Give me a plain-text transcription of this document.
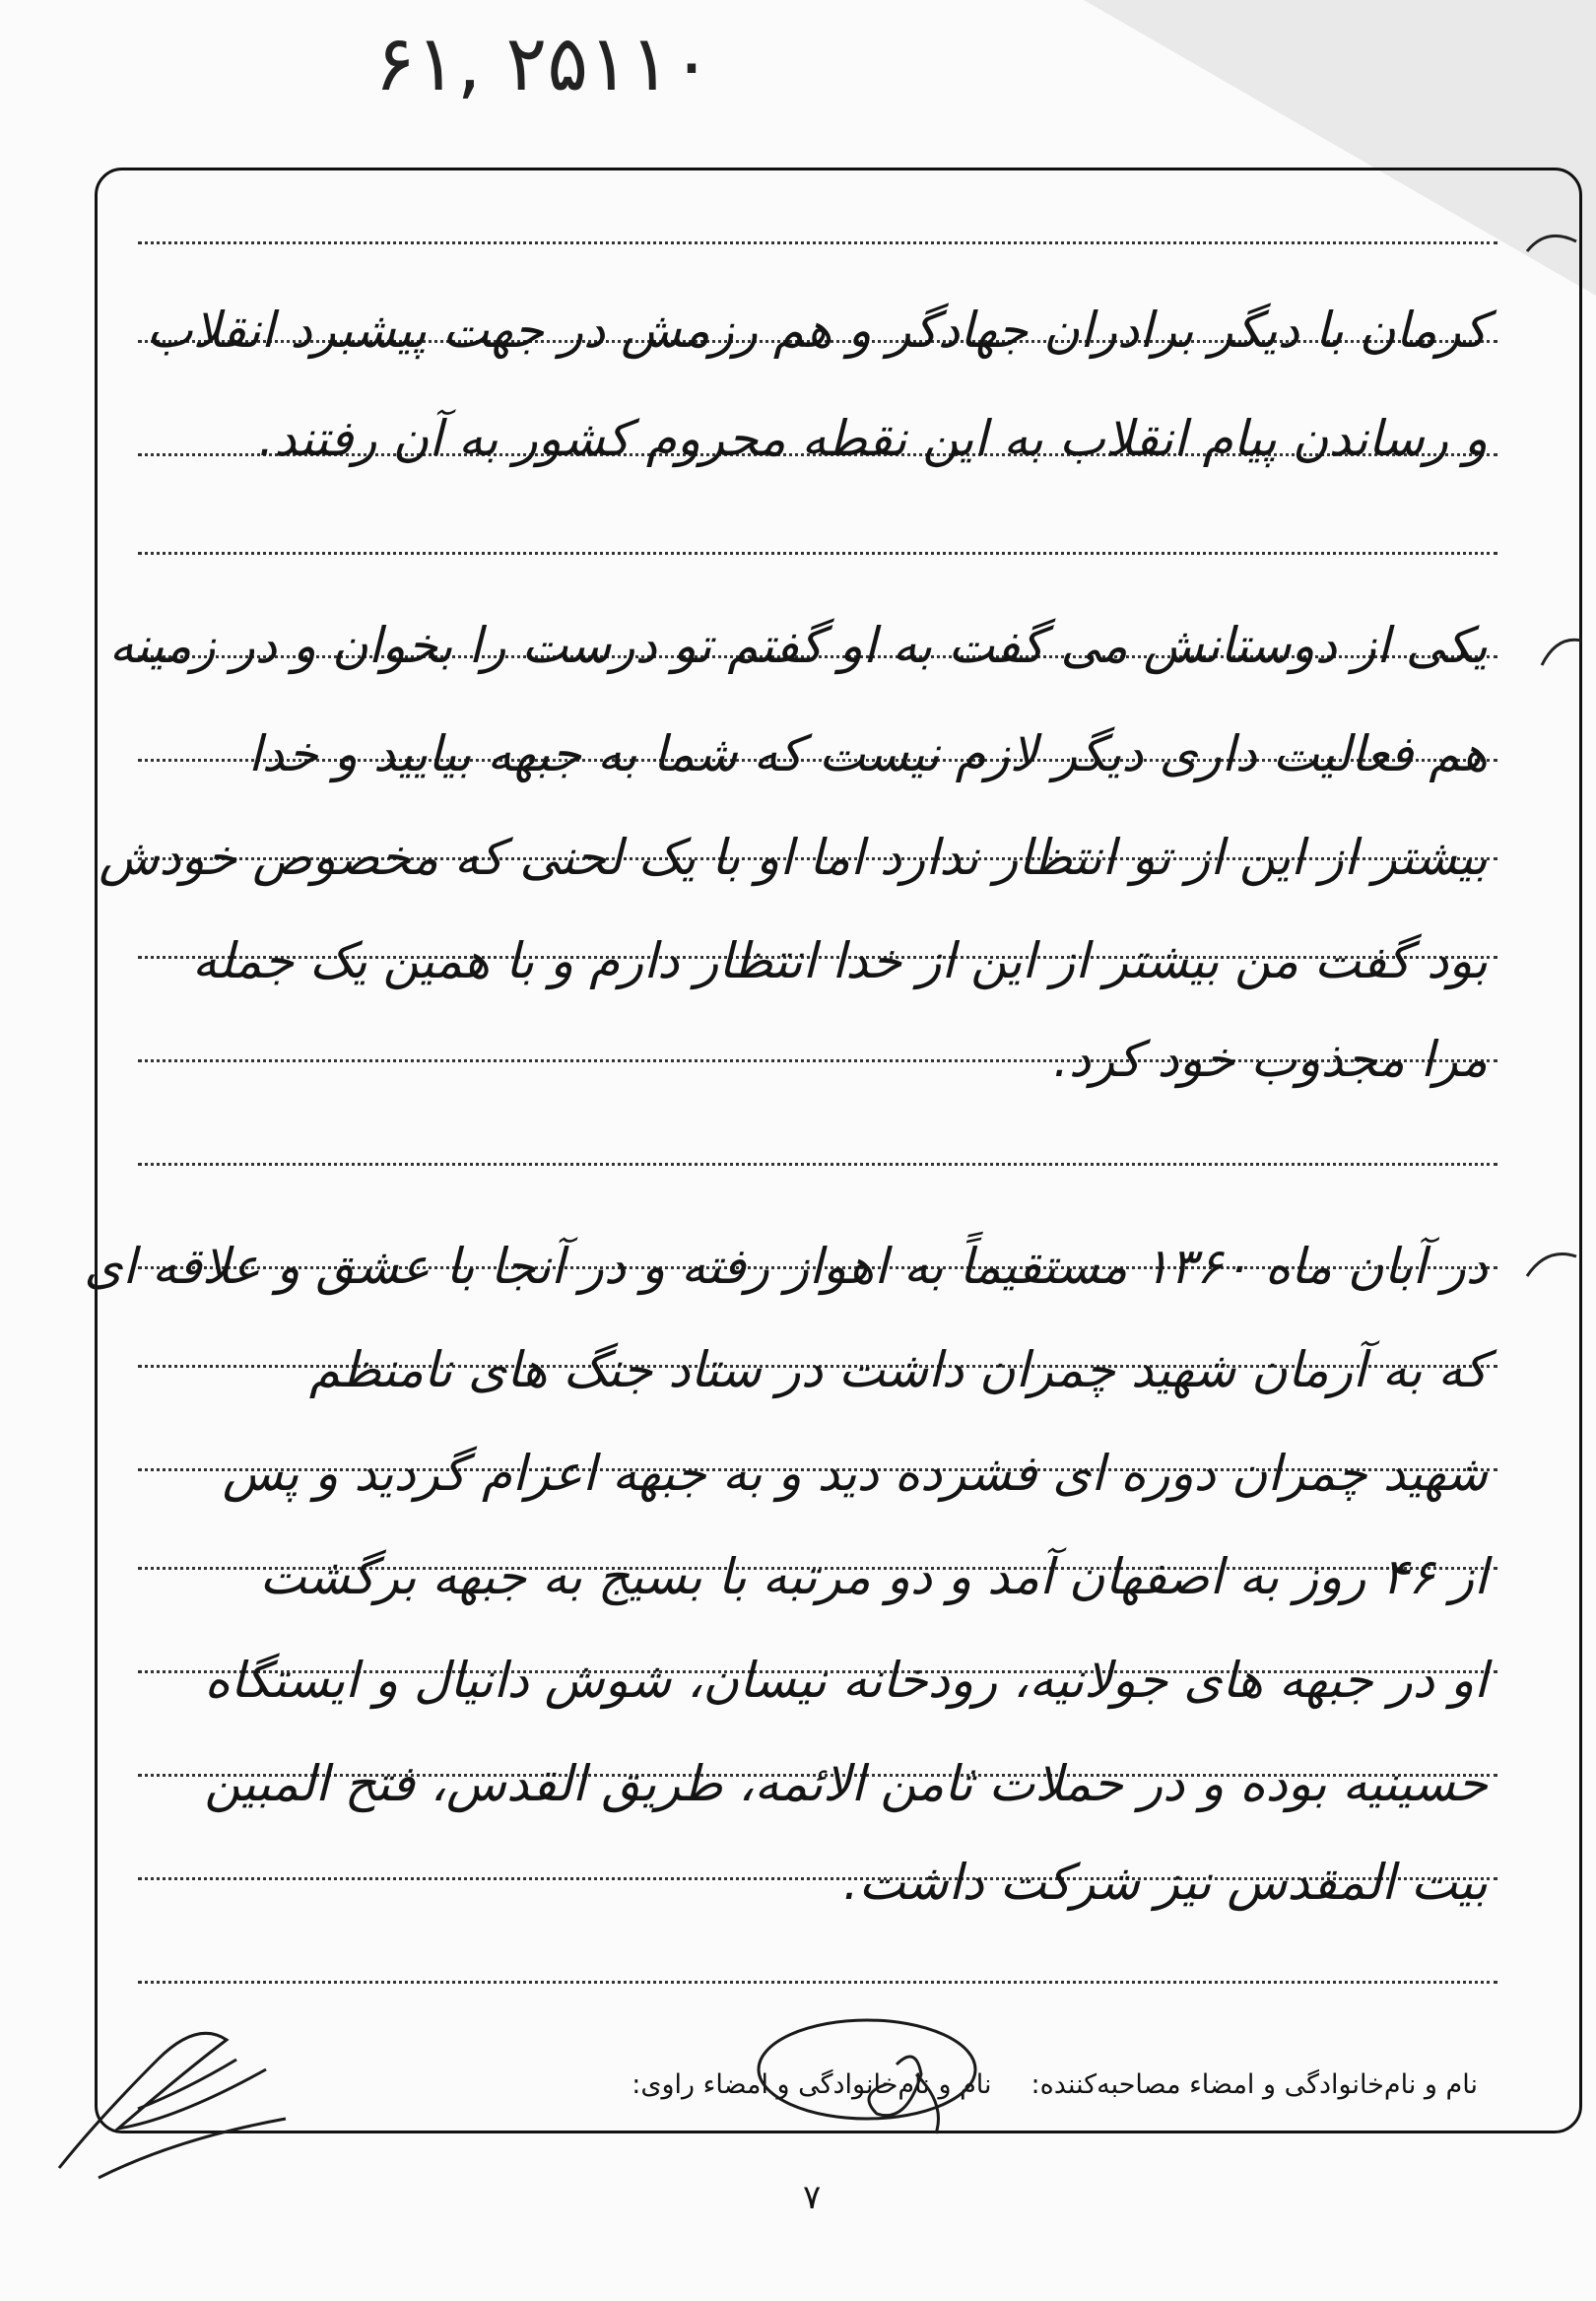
۶۱, ۲۵۱۱۰
کرمان با دیگر برادران جهادگر و هم رزمش در جهت پیشبرد انقلاب
و رساندن پیام انقلاب به این نقطه محروم کشور به آن رفتند.
یکی از دوستانش می گفت به او گفتم تو درست را بخوان و در زمینه
هم فعالیت داری دیگر لازم نیست که شما به جبهه بیایید و خدا
بیشتر از این از تو انتظار ندارد اما او با یک لحنی که مخصوص خودش
بود گفت من بیشتر از این از خدا انتظار دارم و با همین یک جمله
مرا مجذوب خود کرد.
در آبان ماه ۱۳۶۰ مستقیماً به اهواز رفته و در آنجا با عشق و علاقه ای
که به آرمان شهید چمران داشت در ستاد جنگ های نامنظم
شهید چمران دوره ای فشرده دید و به جبهه اعزام گردید و پس
از ۴۶ روز به اصفهان آمد و دو مرتبه با بسیج به جبهه برگشت
او در جبهه های جولانیه، رودخانه نیسان، شوش دانیال و ایستگاه
حسینیه بوده و در حملات ثامن الائمه، طریق القدس، فتح المبین
بیت المقدس نیز شرکت داشت.
نام و نام‌خانوادگی و امضاء مصاحبه‌کننده:
نام و نام‌خانوادگی و امضاء راوی:
۷
